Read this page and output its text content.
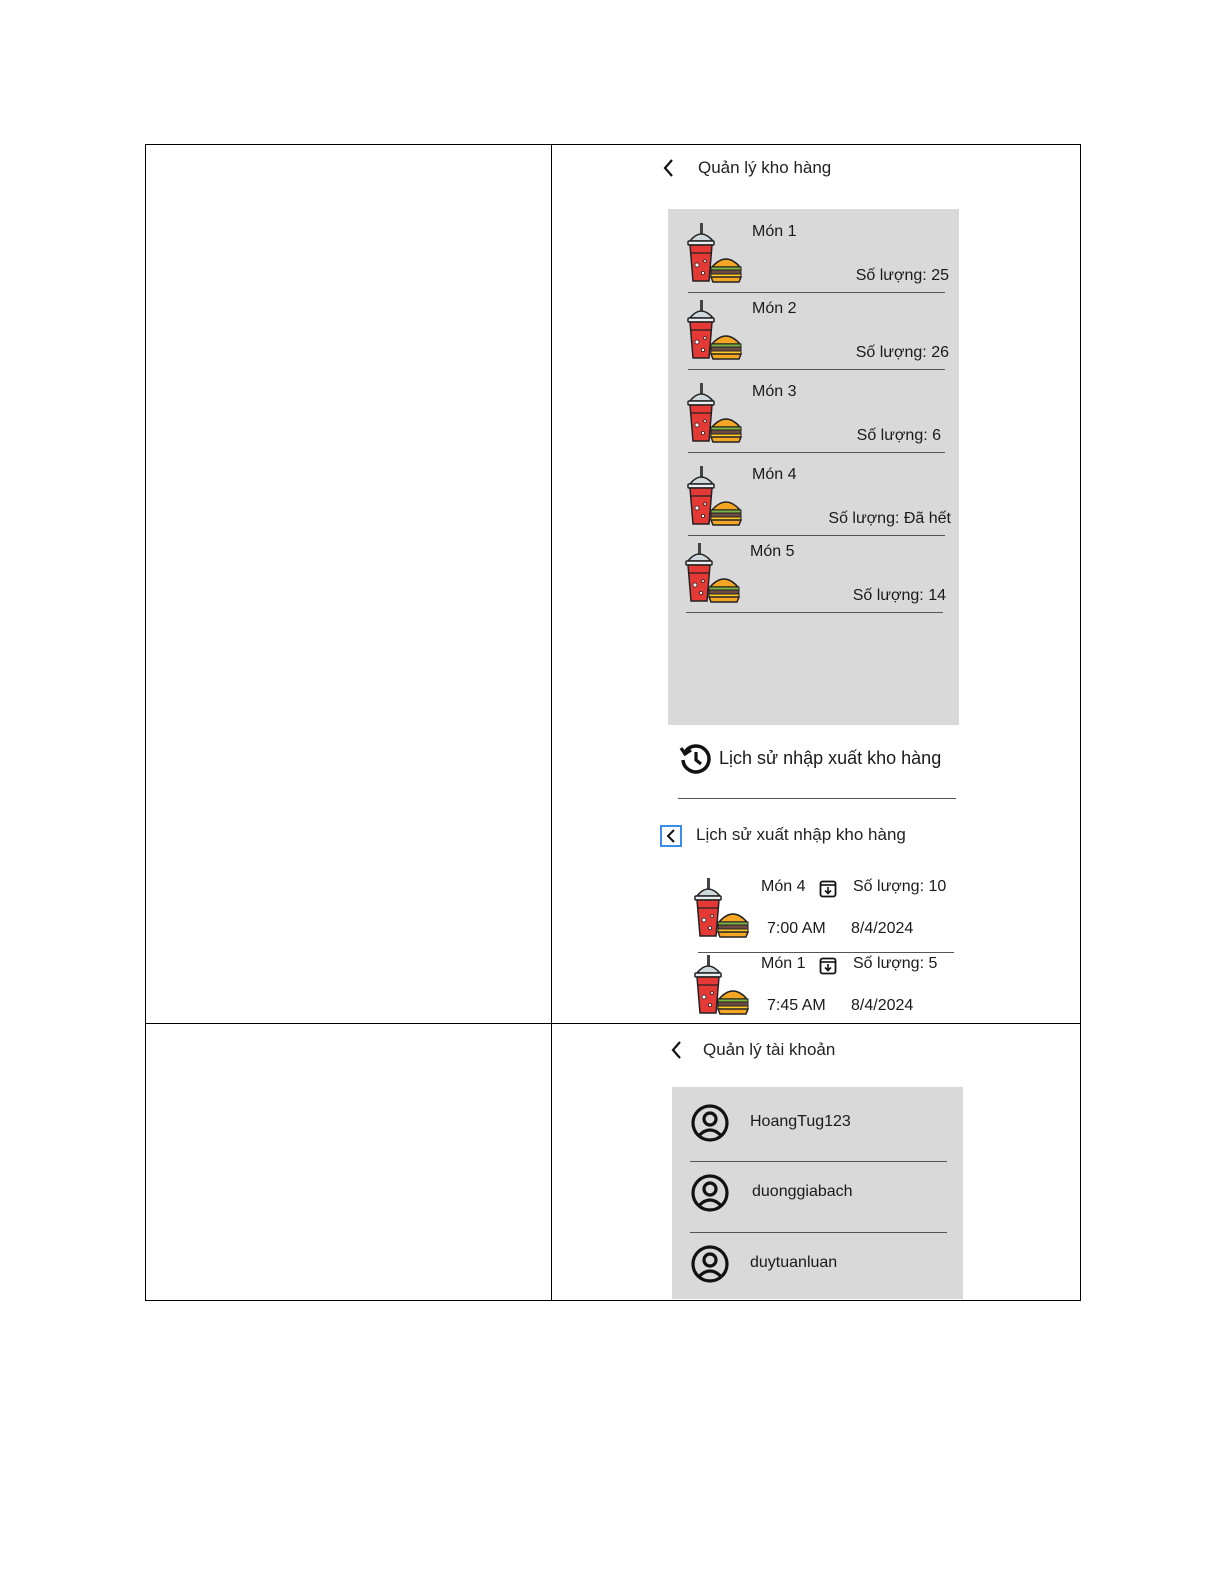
Quản lý kho hàng
Món 1
Số lượng: 25
Món 2
Số lượng: 26
Món 3
Số lượng: 6
Món 4
Số lượng: Đã hết
Món 5
Số lượng: 14
Lịch sử nhập xuất kho hàng
Lịch sử xuất nhập kho hàng
Món 4	Số lượng: 10
7:00 AM 8/4/2024
Món 1	Số lượng: 5
7:45 AM 8/4/2024
Quản lý tài khoản
HoangTug123
duonggiabach
duytuanluan
